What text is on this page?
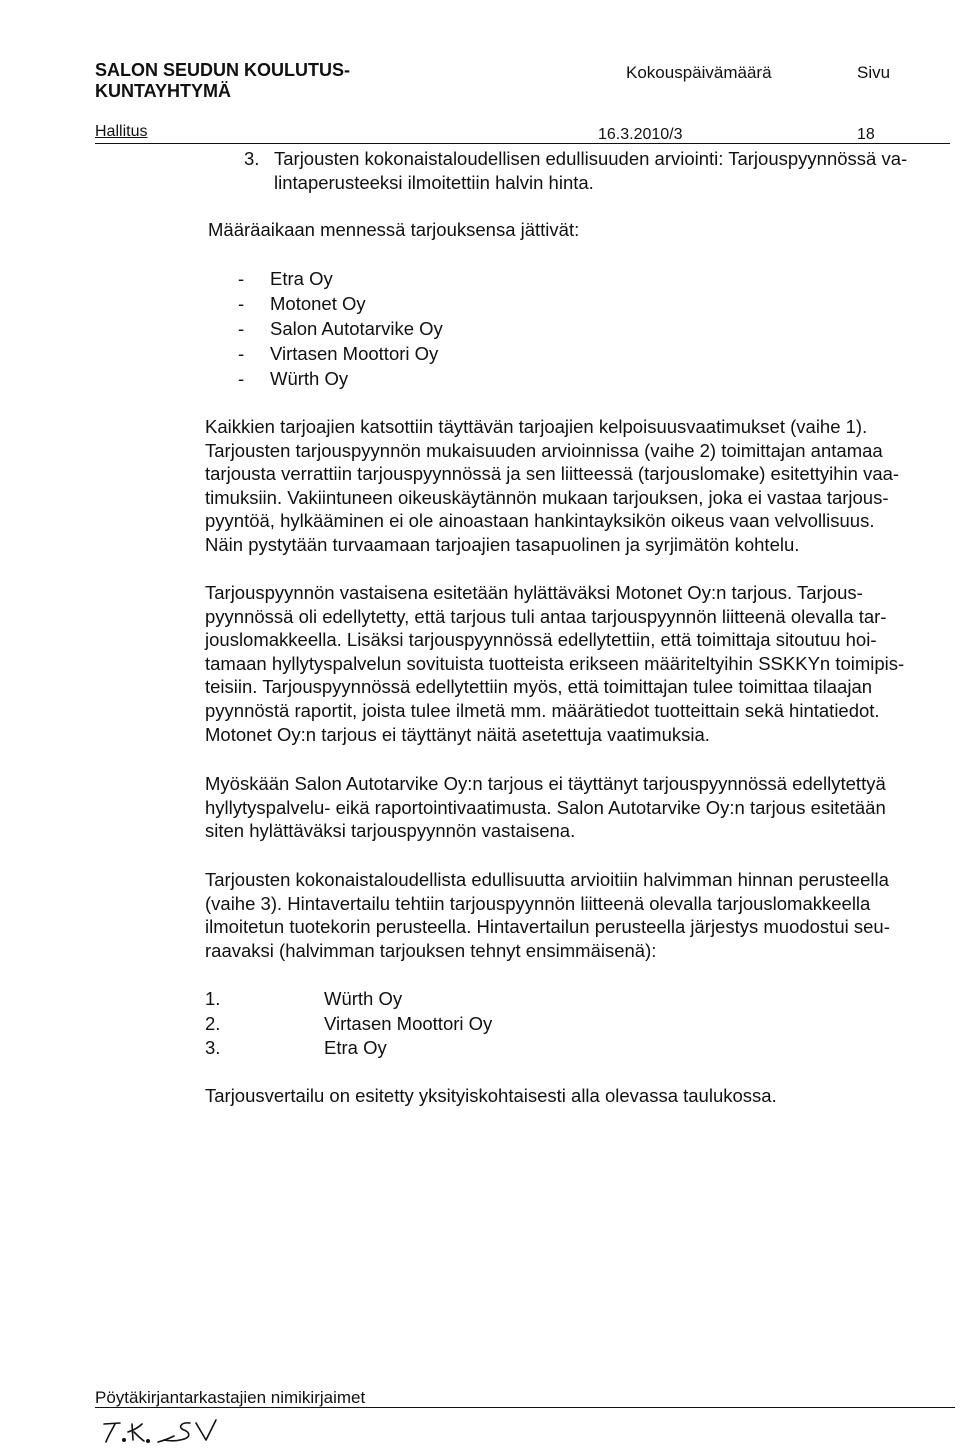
SALON SEUDUN KOULUTUS-
KUNTAYHTYMÄ
Kokouspäivämäärä	Sivu
Hallitus	16.3.2010/3	18
3. Tarjousten kokonaistaloudellisen edullisuuden arviointi: Tarjouspyynnössä va-
lintaperusteeksi ilmoitettiin halvin hinta.
Määräaikaan mennessä tarjouksensa jättivät:
- Etra Oy
- Motonet Oy
- Salon Autotarvike Oy
- Virtasen Moottori Oy
- Würth Oy
Kaikkien tarjoajien katsottiin täyttävän tarjoajien kelpoisuusvaatimukset (vaihe 1).
Tarjousten tarjouspyynnön mukaisuuden arvioinnissa (vaihe 2) toimittajan antamaa
tarjousta verrattiin tarjouspyynnössä ja sen liitteessä (tarjouslomake) esitettyihin vaa-
timuksiin. Vakiintuneen oikeuskäytännön mukaan tarjouksen, joka ei vastaa tarjous-
pyyntöä, hylkääminen ei ole ainoastaan hankintayksikön oikeus vaan velvollisuus.
Näin pystytään turvaamaan tarjoajien tasapuolinen ja syrjimätön kohtelu.
Tarjouspyynnön vastaisena esitetään hylättäväksi Motonet Oy:n tarjous. Tarjous-
pyynnössä oli edellytetty, että tarjous tuli antaa tarjouspyynnön liitteenä olevalla tar-
jouslomakkeella. Lisäksi tarjouspyynnössä edellytettiin, että toimittaja sitoutuu hoi-
tamaan hyllytyspalvelun sovituista tuotteista erikseen määriteltyihin SSKKYn toimipis-
teisiin. Tarjouspyynnössä edellytettiin myös, että toimittajan tulee toimittaa tilaajan
pyynnöstä raportit, joista tulee ilmetä mm. määrätiedot tuotteittain sekä hintatiedot.
Motonet Oy:n tarjous ei täyttänyt näitä asetettuja vaatimuksia.
Myöskään Salon Autotarvike Oy:n tarjous ei täyttänyt tarjouspyynnössä edellytettyä
hyllytyspalvelu- eikä raportointivaatimusta. Salon Autotarvike Oy:n tarjous esitetään
siten hylättäväksi tarjouspyynnön vastaisena.
Tarjousten kokonaistaloudellista edullisuutta arvioitiin halvimman hinnan perusteella
(vaihe 3). Hintavertailu tehtiin tarjouspyynnön liitteenä olevalla tarjouslomakkeella
ilmoitetun tuotekorin perusteella. Hintavertailun perusteella järjestys muodostui seu-
raavaksi (halvimman tarjouksen tehnyt ensimmäisenä):
1.	Würth Oy
2.	Virtasen Moottori Oy
3.	Etra Oy
Tarjousvertailu on esitetty yksityiskohtaisesti alla olevassa taulukossa.
Pöytäkirjantarkastajien nimikirjaimet
